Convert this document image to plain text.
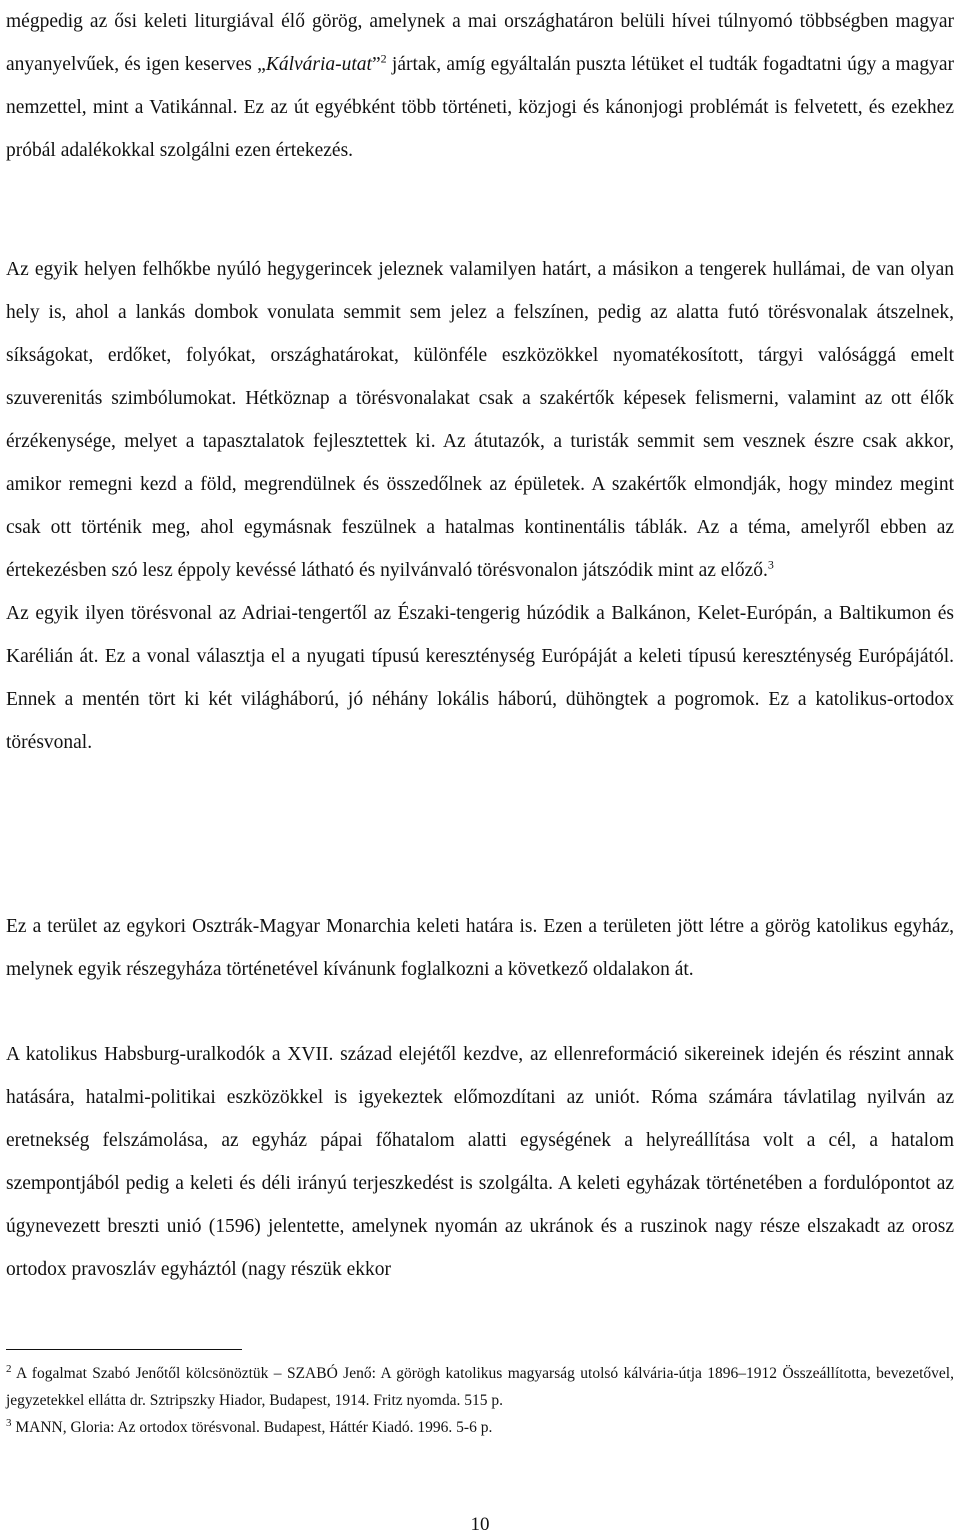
mégpedig az ősi keleti liturgiával élő görög, amelynek a mai országhatáron belüli hívei túlnyomó többségben magyar anyanyelvűek, és igen keserves „Kálvária-utat”$^2$ jártak, amíg egyáltalán puszta létüket el tudták fogadtatni úgy a magyar nemzettel, mint a Vatikánnal. Ez az út egyébként több történeti, közjogi és kánonjogi problémát is felvetett, és ezekhez próbál adalékokkal szolgálni ezen értekezés.

Az egyik helyen felhőkbe nyúló hegygerincek jeleznek valamilyen határt, a másikon a tengerek hullámai, de van olyan hely is, ahol a lankás dombok vonulata semmit sem jelez a felszínen, pedig az alatta futó törésvonalak átszelnek, síkságokat, erdőket, folyókat, országhatárokat, különféle eszközökkel nyomatékosított, tárgyi valósággá emelt szuverenitás szimbólumokat. Hétköznap a törésvonalakat csak a szakértők képesek felismerni, valamint az ott élők érzékenysége, melyet a tapasztalatok fejlesztettek ki. Az átutazók, a turisták semmit sem vesznek észre csak akkor, amikor remegni kezd a föld, megrendülnek és összedőlnek az épületek. A szakértők elmondják, hogy mindez megint csak ott történik meg, ahol egymásnak feszülnek a hatalmas kontinentális táblák. Az a téma, amelyről ebben az értekezésben szó lesz éppoly kevéssé látható és nyilvánvaló törésvonalon játszódik mint az előző.$^3$
Az egyik ilyen törésvonal az Adriai-tengertől az Északi-tengerig húzódik a Balkánon, Kelet-Európán, a Baltikumon és Karélián át. Ez a vonal választja el a nyugati típusú kereszténység Európáját a keleti típusú kereszténység Európájától. Ennek a mentén tört ki két világháború, jó néhány lokális háború, dühöngtek a pogromok. Ez a katolikus-ortodox törésvonal.

Ez a terület az egykori Osztrák-Magyar Monarchia keleti határa is. Ezen a területen jött létre a görög katolikus egyház, melynek egyik részegyháza történetével kívánunk foglalkozni a következő oldalakon át.

A katolikus Habsburg-uralkodók a XVII. század elejétől kezdve, az ellenreformáció sikereinek idején és részint annak hatására, hatalmi-politikai eszközökkel is igyekeztek előmozdítani az uniót. Róma számára távlatilag nyilván az eretnekség felszámolása, az egyház pápai főhatalom alatti egységének a helyreállítása volt a cél, a hatalom szempontjából pedig a keleti és déli irányú terjeszkedést is szolgálta. A keleti egyházak történetében a fordulópontot az úgynevezett breszti unió (1596) jelentette, amelynek nyomán az ukránok és a ruszinok nagy része elszakadt az orosz ortodox pravoszláv egyháztól (nagy részük ekkor

$^2$ A fogalmat Szabó Jenőtől kölcsönöztük – SZABÓ Jenő: A görögh katolikus magyarság utolsó kálvária-útja 1896–1912 Összeállította, bevezetővel, jegyzetekkel ellátta dr. Sztripszky Hiador, Budapest, 1914. Fritz nyomda. 515 p.

$^3$ MANN, Gloria: Az ortodox törésvonal. Budapest, Háttér Kiadó. 1996. 5-6 p.

10
